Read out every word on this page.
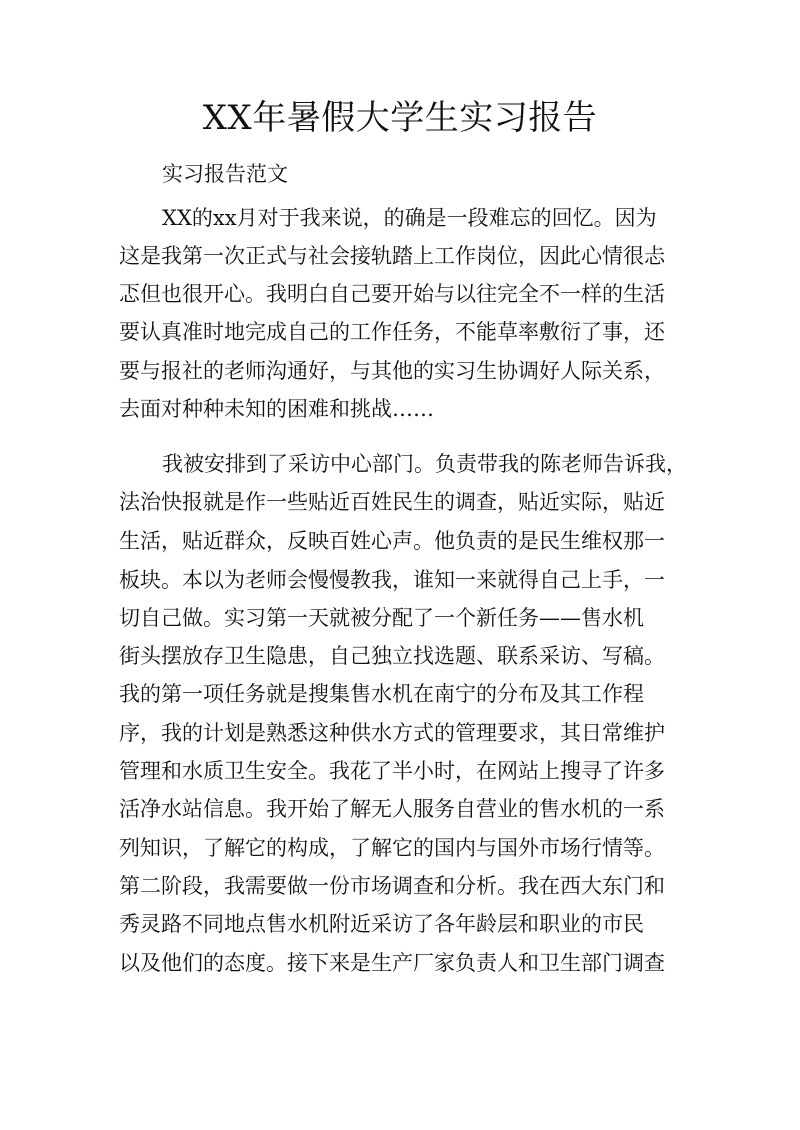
XX年暑假大学生实习报告

实习报告范文

XX的xx月对于我来说，的确是一段难忘的回忆。因为

这是我第一次正式与社会接轨踏上工作岗位，因此心情很忐

忑但也很开心。我明白自己要开始与以往完全不一样的生活

要认真准时地完成自己的工作任务，不能草率敷衍了事，还

要与报社的老师沟通好，与其他的实习生协调好人际关系，

去面对种种未知的困难和挑战……

我被安排到了采访中心部门。负责带我的陈老师告诉我，

法治快报就是作一些贴近百姓民生的调查，贴近实际，贴近

生活，贴近群众，反映百姓心声。他负责的是民生维权那一

板块。本以为老师会慢慢教我，谁知一来就得自己上手，一

切自己做。实习第一天就被分配了一个新任务——售水机

街头摆放存卫生隐患，自己独立找选题、联系采访、写稿。

我的第一项任务就是搜集售水机在南宁的分布及其工作程

序，我的计划是熟悉这种供水方式的管理要求，其日常维护

管理和水质卫生安全。我花了半小时，在网站上搜寻了许多

活净水站信息。我开始了解无人服务自营业的售水机的一系

列知识，了解它的构成，了解它的国内与国外市场行情等。

第二阶段，我需要做一份市场调查和分析。我在西大东门和

秀灵路不同地点售水机附近采访了各年龄层和职业的市民

以及他们的态度。接下来是生产厂家负责人和卫生部门调查
